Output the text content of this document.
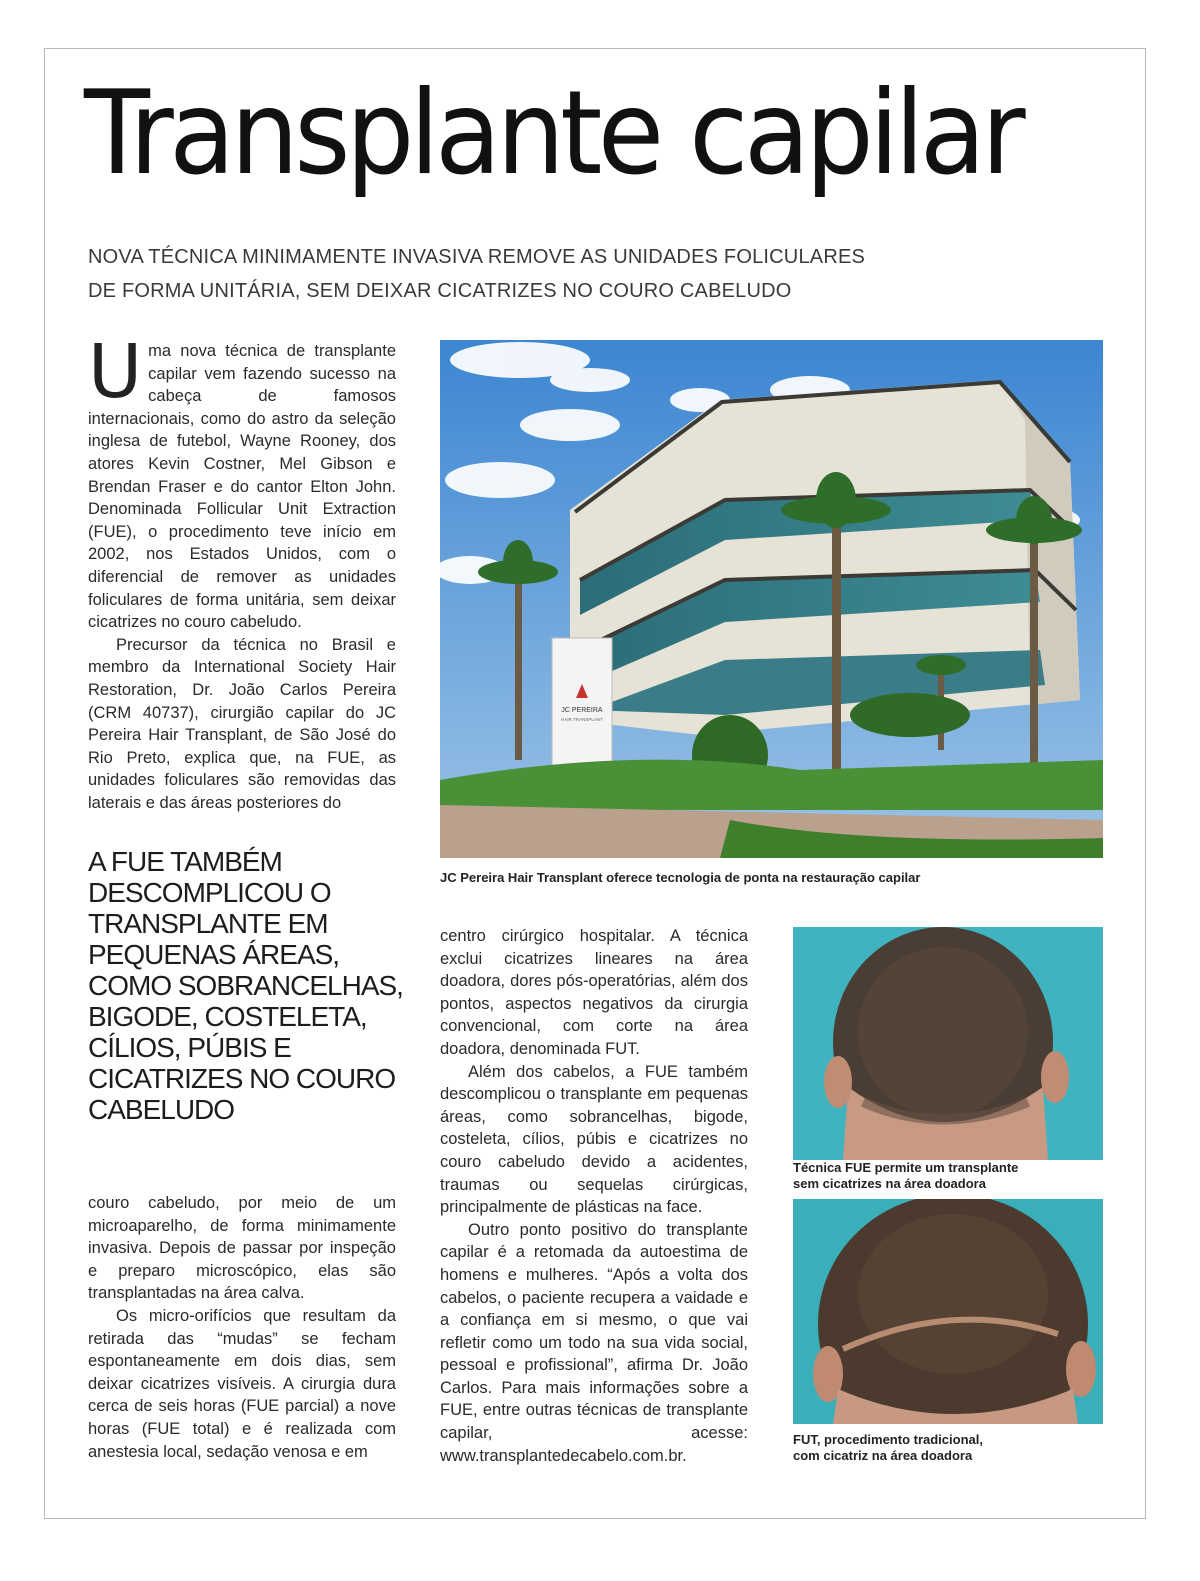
Transplante capilar
NOVA TÉCNICA MINIMAMENTE INVASIVA REMOVE AS UNIDADES FOLICULARES
DE FORMA UNITÁRIA, SEM DEIXAR CICATRIZES NO COURO CABELUDO

Uma nova técnica de transplante capilar vem fazendo sucesso na cabeça de famosos internacionais, como do astro da seleção inglesa de futebol, Wayne Rooney, dos atores Kevin Costner, Mel Gibson e Brendan Fraser e do cantor Elton John. Denominada Follicular Unit Extraction (FUE), o procedimento teve início em 2002, nos Estados Unidos, com o diferencial de remover as unidades foliculares de forma unitária, sem deixar cicatrizes no couro cabeludo.

Precursor da técnica no Brasil e membro da International Society Hair Restoration, Dr. João Carlos Pereira (CRM 40737), cirurgião capilar do JC Pereira Hair Transplant, de São José do Rio Preto, explica que, na FUE, as unidades foliculares são removidas das laterais e das áreas posteriores do

A FUE TAMBÉM DESCOMPLICOU O TRANSPLANTE EM PEQUENAS ÁREAS, COMO SOBRANCELHAS, BIGODE, COSTELETA, CÍLIOS, PÚBIS E CICATRIZES NO COURO CABELUDO

couro cabeludo, por meio de um microaparelho, de forma minimamente invasiva. Depois de passar por inspeção e preparo microscópico, elas são transplantadas na área calva.

Os micro-orifícios que resultam da retirada das “mudas” se fecham espontaneamente em dois dias, sem deixar cicatrizes visíveis. A cirurgia dura cerca de seis horas (FUE parcial) a nove horas (FUE total) e é realizada com anestesia local, sedação venosa e em

centro cirúrgico hospitalar. A técnica exclui cicatrizes lineares na área doadora, dores pós-operatórias, além dos pontos, aspectos negativos da cirurgia convencional, com corte na área doadora, denominada FUT.

Além dos cabelos, a FUE também descomplicou o transplante em pequenas áreas, como sobrancelhas, bigode, costeleta, cílios, púbis e cicatrizes no couro cabeludo devido a acidentes, traumas ou sequelas cirúrgicas, principalmente de plásticas na face.

Outro ponto positivo do transplante capilar é a retomada da autoestima de homens e mulheres. “Após a volta dos cabelos, o paciente recupera a vaidade e a confiança em si mesmo, o que vai refletir como um todo na sua vida social, pessoal e profissional”, afirma Dr. João Carlos. Para mais informações sobre a FUE, entre outras técnicas de transplante capilar, acesse: www.transplantedecabelo.com.br.

JC PEREIRA
HAIR TRANSPLANT
JC Pereira Hair Transplant oferece tecnologia de ponta na restauração capilar
Técnica FUE permite um transplante
sem cicatrizes na área doadora
FUT, procedimento tradicional,
com cicatriz na área doadora
